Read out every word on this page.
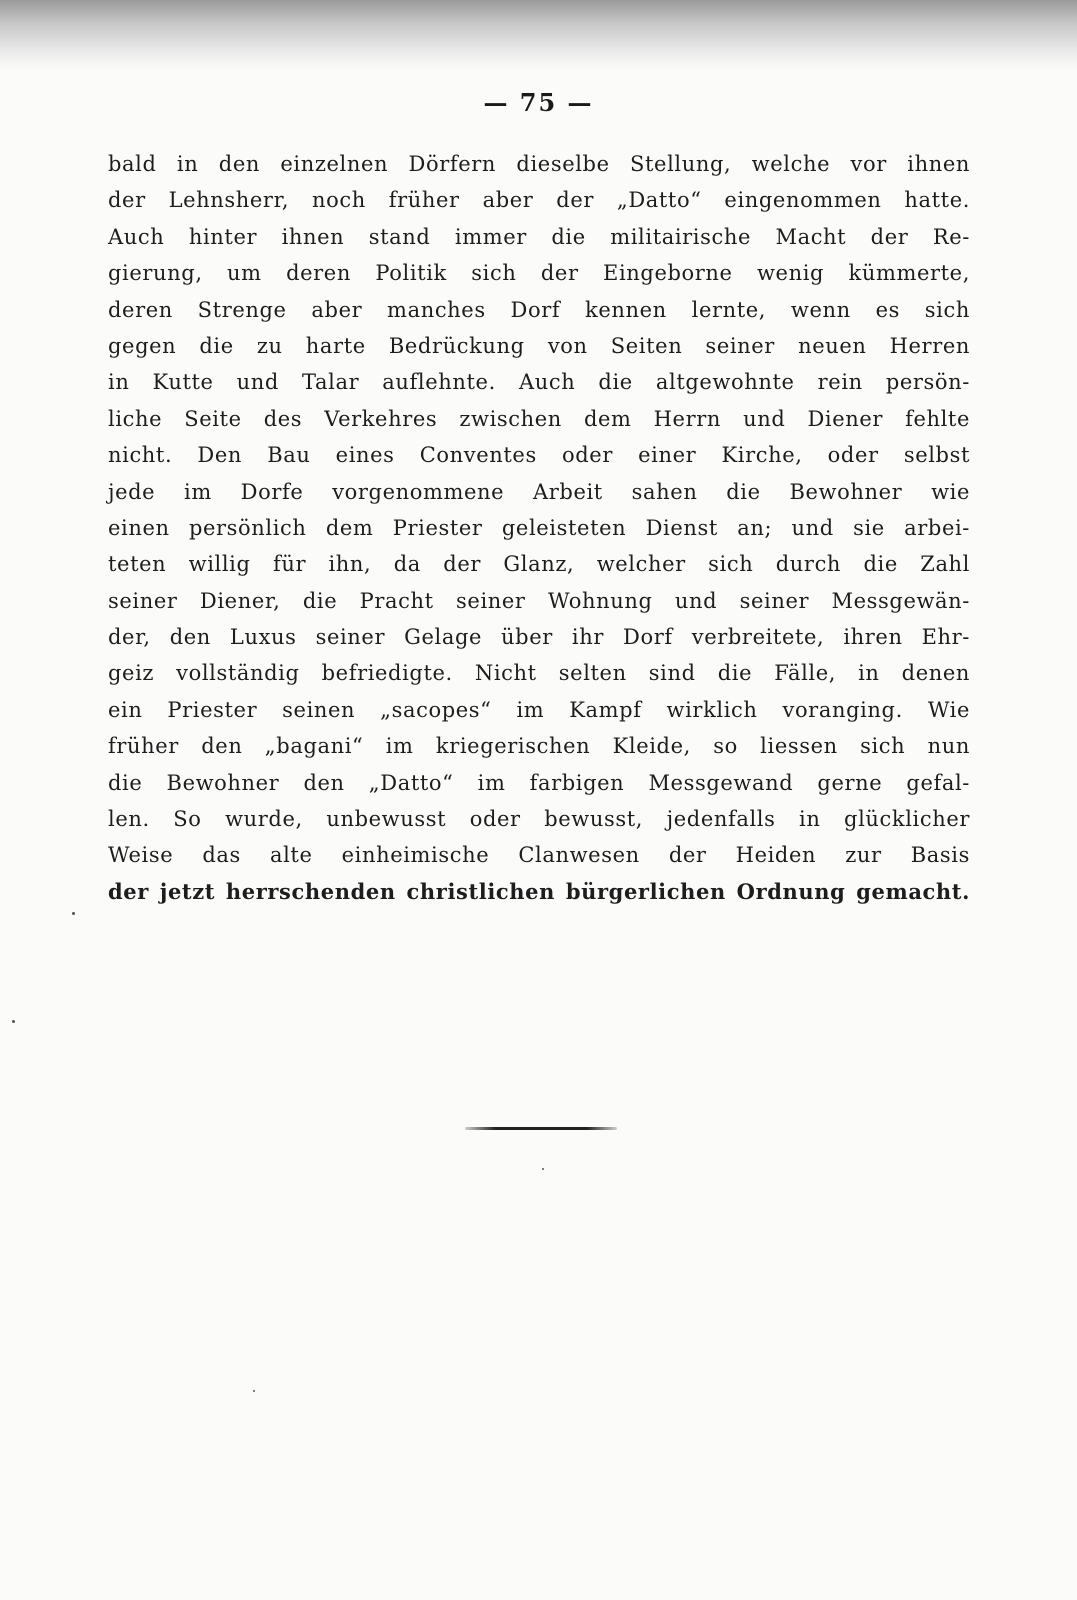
— 75 —
bald in den einzelnen Dörfern dieselbe Stellung, welche vor ihnen
der Lehnsherr, noch früher aber der „Datto“ eingenommen hatte.
Auch hinter ihnen stand immer die militairische Macht der Re-
gierung, um deren Politik sich der Eingeborne wenig kümmerte,
deren Strenge aber manches Dorf kennen lernte, wenn es sich
gegen die zu harte Bedrückung von Seiten seiner neuen Herren
in Kutte und Talar auflehnte. Auch die altgewohnte rein persön-
liche Seite des Verkehres zwischen dem Herrn und Diener fehlte
nicht. Den Bau eines Conventes oder einer Kirche, oder selbst
jede im Dorfe vorgenommene Arbeit sahen die Bewohner wie
einen persönlich dem Priester geleisteten Dienst an; und sie arbei-
teten willig für ihn, da der Glanz, welcher sich durch die Zahl
seiner Diener, die Pracht seiner Wohnung und seiner Messgewän-
der, den Luxus seiner Gelage über ihr Dorf verbreitete, ihren Ehr-
geiz vollständig befriedigte. Nicht selten sind die Fälle, in denen
ein Priester seinen „sacopes“ im Kampf wirklich voranging. Wie
früher den „bagani“ im kriegerischen Kleide, so liessen sich nun
die Bewohner den „Datto“ im farbigen Messgewand gerne gefal-
len. So wurde, unbewusst oder bewusst, jedenfalls in glücklicher
Weise das alte einheimische Clanwesen der Heiden zur Basis
der jetzt herrschenden christlichen bürgerlichen Ordnung gemacht.
